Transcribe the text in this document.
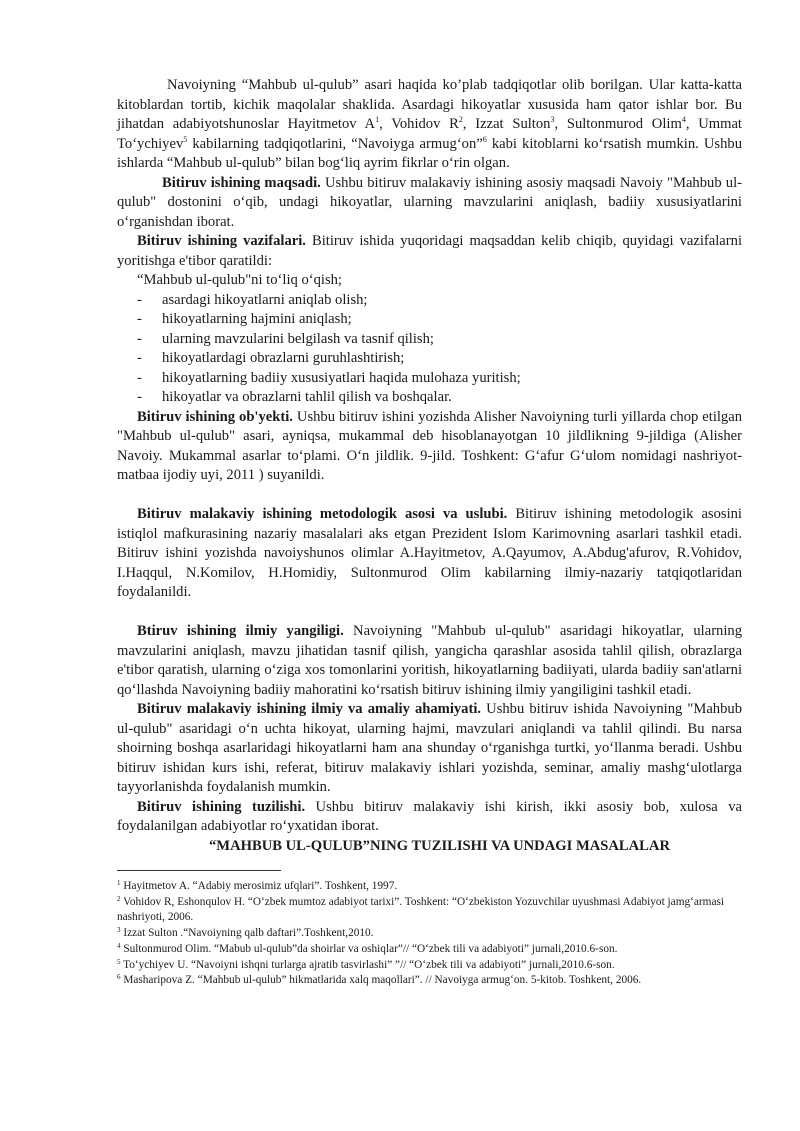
Navoiyning “Mahbub ul-qulub” asari haqida ko’plab tadqiqotlar olib borilgan. Ular katta-katta kitoblardan tortib, kichik maqolalar shaklida. Asardagi hikoyatlar xususida ham qator ishlar bor. Bu jihatdan adabiyotshunoslar Hayitmetov $A^1$, Vohidov $R^2$, Izzat Sulton$^3$, Sultonmurod Olim$^4$, Ummat To‘ychiyev$^5$ kabilarning tadqiqotlarini, “Navoiyga armug‘on”$^6$ kabi kitoblarni ko‘rsatish mumkin. Ushbu ishlarda “Mahbub ul-qulub” bilan bog‘liq ayrim fikrlar o‘rin olgan.

Bitiruv ishining maqsadi. Ushbu bitiruv malakaviy ishining asosiy maqsadi Navoiy "Mahbub ul-qulub" dostonini o‘qib, undagi hikoyatlar, ularning mavzularini aniqlash, badiiy xususiyatlarini o‘rganishdan iborat.

Bitiruv ishining vazifalari. Bitiruv ishida yuqoridagi maqsaddan kelib chiqib, quyidagi vazifalarni yoritishga e'tibor qaratildi:

“Mahbub ul-qulub"ni to‘liq o‘qish;

-	asardagi hikoyatlarni aniqlab olish;

-	hikoyatlarning hajmini aniqlash;

-	ularning mavzularini belgilash va tasnif qilish;

-	hikoyatlardagi obrazlarni guruhlashtirish;

-	hikoyatlarning badiiy xususiyatlari haqida mulohaza yuritish;

-	hikoyatlar va obrazlarni tahlil qilish va boshqalar.

Bitiruv ishining ob'yekti. Ushbu bitiruv ishini yozishda Alisher Navoiyning turli yillarda chop etilgan "Mahbub ul-qulub" asari, ayniqsa, mukammal deb hisoblanayotgan 10 jildlikning 9-jildiga (Alisher Navoiy. Mukammal asarlar to‘plami. O‘n jildlik. 9-jild. Toshkent: G‘afur G‘ulom nomidagi nashriyot-matbaa ijodiy uyi, 2011 ) suyanildi.

Bitiruv malakaviy ishining metodologik asosi va uslubi. Bitiruv ishining metodologik asosini istiqlol mafkurasining nazariy masalalari aks etgan Prezident Islom Karimovning asarlari tashkil etadi. Bitiruv ishini yozishda navoiyshunos olimlar A.Hayitmetov, A.Qayumov, A.Abdug'afurov, R.Vohidov, I.Haqqul, N.Komilov, H.Homidiy, Sultonmurod Olim kabilarning ilmiy-nazariy tatqiqotlaridan foydalanildi.

Btiruv ishining ilmiy yangiligi. Navoiyning "Mahbub ul-qulub" asaridagi hikoyatlar, ularning mavzularini aniqlash, mavzu jihatidan tasnif qilish, yangicha qarashlar asosida tahlil qilish, obrazlarga e'tibor qaratish, ularning o‘ziga xos tomonlarini yoritish, hikoyatlarning badiiyati, ularda badiiy san'atlarni qo‘llashda Navoiyning badiiy mahoratini ko‘rsatish bitiruv ishining ilmiy yangiligini tashkil etadi.

Bitiruv malakaviy ishining ilmiy va amaliy ahamiyati. Ushbu bitiruv ishida Navoiyning "Mahbub ul-qulub" asaridagi o‘n uchta hikoyat, ularning hajmi, mavzulari aniqlandi va tahlil qilindi. Bu narsa shoirning boshqa asarlaridagi hikoyatlarni ham ana shunday o‘rganishga turtki, yo‘llanma beradi. Ushbu bitiruv ishidan kurs ishi, referat, bitiruv malakaviy ishlari yozishda, seminar, amaliy mashg‘ulotlarga tayyorlanishda foydalanish mumkin.

Bitiruv ishining tuzilishi. Ushbu bitiruv malakaviy ishi kirish, ikki asosiy bob, xulosa va foydalanilgan adabiyotlar ro‘yxatidan iborat.

“MAHBUB UL-QULUB”NING TUZILISHI VA UNDAGI MASALALAR

$^1$ Hayitmetov A. “Adabiy merosimiz ufqlari”. Toshkent, 1997.

$^2$ Vohidov R, Eshonqulov H. “O‘zbek mumtoz adabiyot tarixi”. Toshkent: “O‘zbekiston Yozuvchilar uyushmasi Adabiyot jamg‘armasi nashriyoti, 2006.

$^3$ Izzat Sulton .“Navoiyning qalb daftari”.Toshkent,2010.

$^4$ Sultonmurod Olim. “Mabub ul-qulub”da shoirlar va oshiqlar”// “O‘zbek tili va adabiyoti” jurnali,2010.6-son.

$^5$ To‘ychiyev U. “Navoiyni ishqni turlarga ajratib tasvirlashi” ”// “O‘zbek tili va adabiyoti” jurnali,2010.6-son.

$^6$ Masharipova Z. “Mahbub ul-qulub” hikmatlarida xalq maqollari”. // Navoiyga armug‘on. 5-kitob. Toshkent, 2006.
